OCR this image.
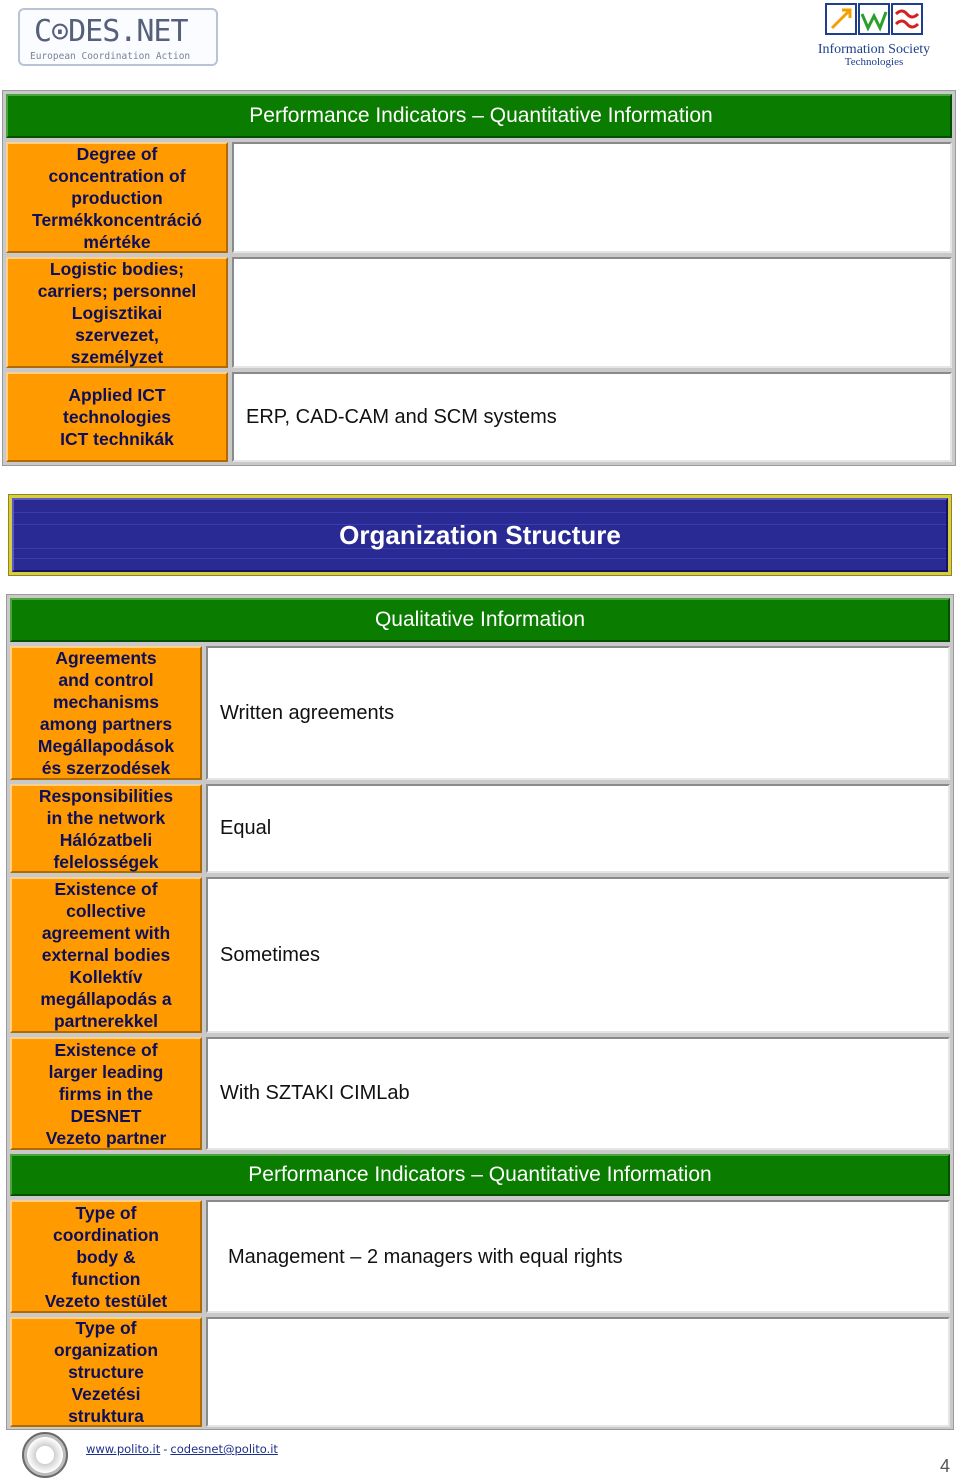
C⊙DES.NET
European Coordination Action	Information Society
Technologies
Performance Indicators – Quantitative Information
Degree of
concentration of
production
Termékkoncentráció
mértéke
Logistic bodies;
carriers; personnel
Logisztikai
szervezet,
személyzet
Applied ICT
technologies
ICT technikák
ERP, CAD-CAM and SCM systems
Organization Structure
Qualitative Information
Agreements
and control
mechanisms
among partners
Megállapodások
és szerzodések
Written agreements
Responsibilities
in the network
Hálózatbeli
felelosségek
Equal
Existence of
collective
agreement with
external bodies
Kollektív
megállapodás a
partnerekkel
Sometimes
Existence of
larger leading
firms in the
DESNET
Vezeto partner
With SZTAKI CIMLab
Performance Indicators – Quantitative Information
Type of
coordination
body &
function
Vezeto testület
Management – 2 managers with equal rights
Type of
organization
structure
Vezetési
struktura
www.polito.it - codesnet@polito.it
4
